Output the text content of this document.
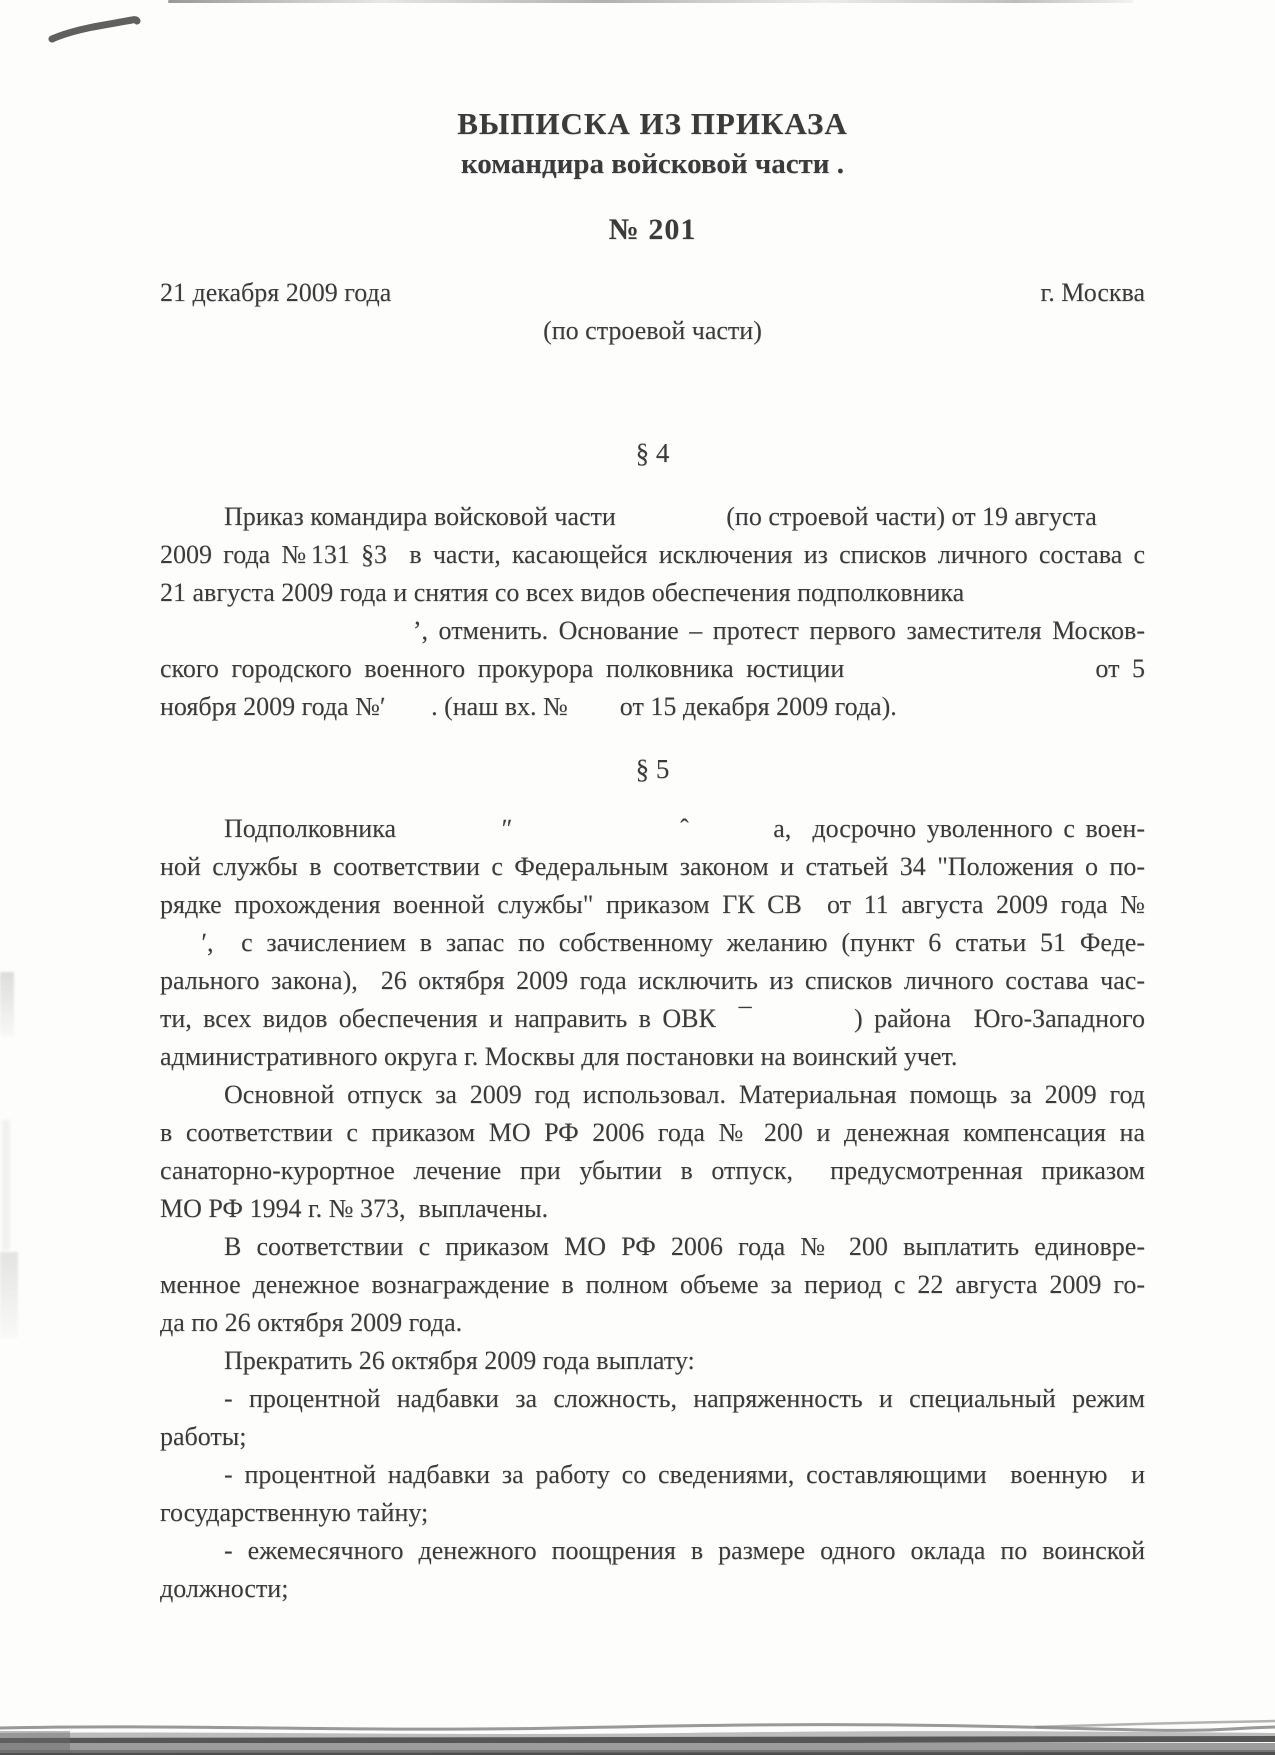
ВЫПИСКА ИЗ ПРИКАЗА
командира войсковой части .
№ 201
21 декабря 2009 года	г. Москва
(по строевой части)
§ 4
Приказ командира войсковой части                 (по строевой части) от 19 августа
2009 года №131 §3  в части, касающейся исключения из списков личного состава с
21 августа 2009 года и снятия со всех видов обеспечения подполковника
ʼ, отменить. Основание – протест первого заместителя Москов-
ского городского военного прокурора полковника юстиции                    от 5
ноября 2009 года №ʹ       . (наш вх. №        от 15 декабря 2009 года).
§ 5
Подполковника          ʺ                ˆ        а,  досрочно уволенного с воен-
ной службы в соответствии с Федеральным законом и статьей 34 "Положения о по-
рядке прохождения военной службы" приказом ГК СВ  от 11 августа 2009 года №
ʹ,  с зачислением в запас по собственному желанию (пункт 6 статьи 51 Феде-
рального закона),  26 октября 2009 года исключить из списков личного состава час-
ти, всех видов обеспечения и направить в ОВК  ¯         ) района  Юго-Западного
административного округа г. Москвы для постановки на воинский учет.
Основной отпуск за 2009 год использовал. Материальная помощь за 2009 год
в соответствии с приказом МО РФ 2006 года № 200 и денежная компенсация на
санаторно-курортное лечение при убытии в отпуск,  предусмотренная приказом
МО РФ 1994 г. № 373,  выплачены.
В соответствии с приказом МО РФ 2006 года № 200 выплатить единовре-
менное денежное вознаграждение в полном объеме за период с 22 августа 2009 го-
да по 26 октября 2009 года.
Прекратить 26 октября 2009 года выплату:
- процентной надбавки за сложность, напряженность и специальный режим
работы;
- процентной надбавки за работу со сведениями, составляющими  военную  и
государственную тайну;
- ежемесячного денежного поощрения в размере одного оклада по воинской
должности;
